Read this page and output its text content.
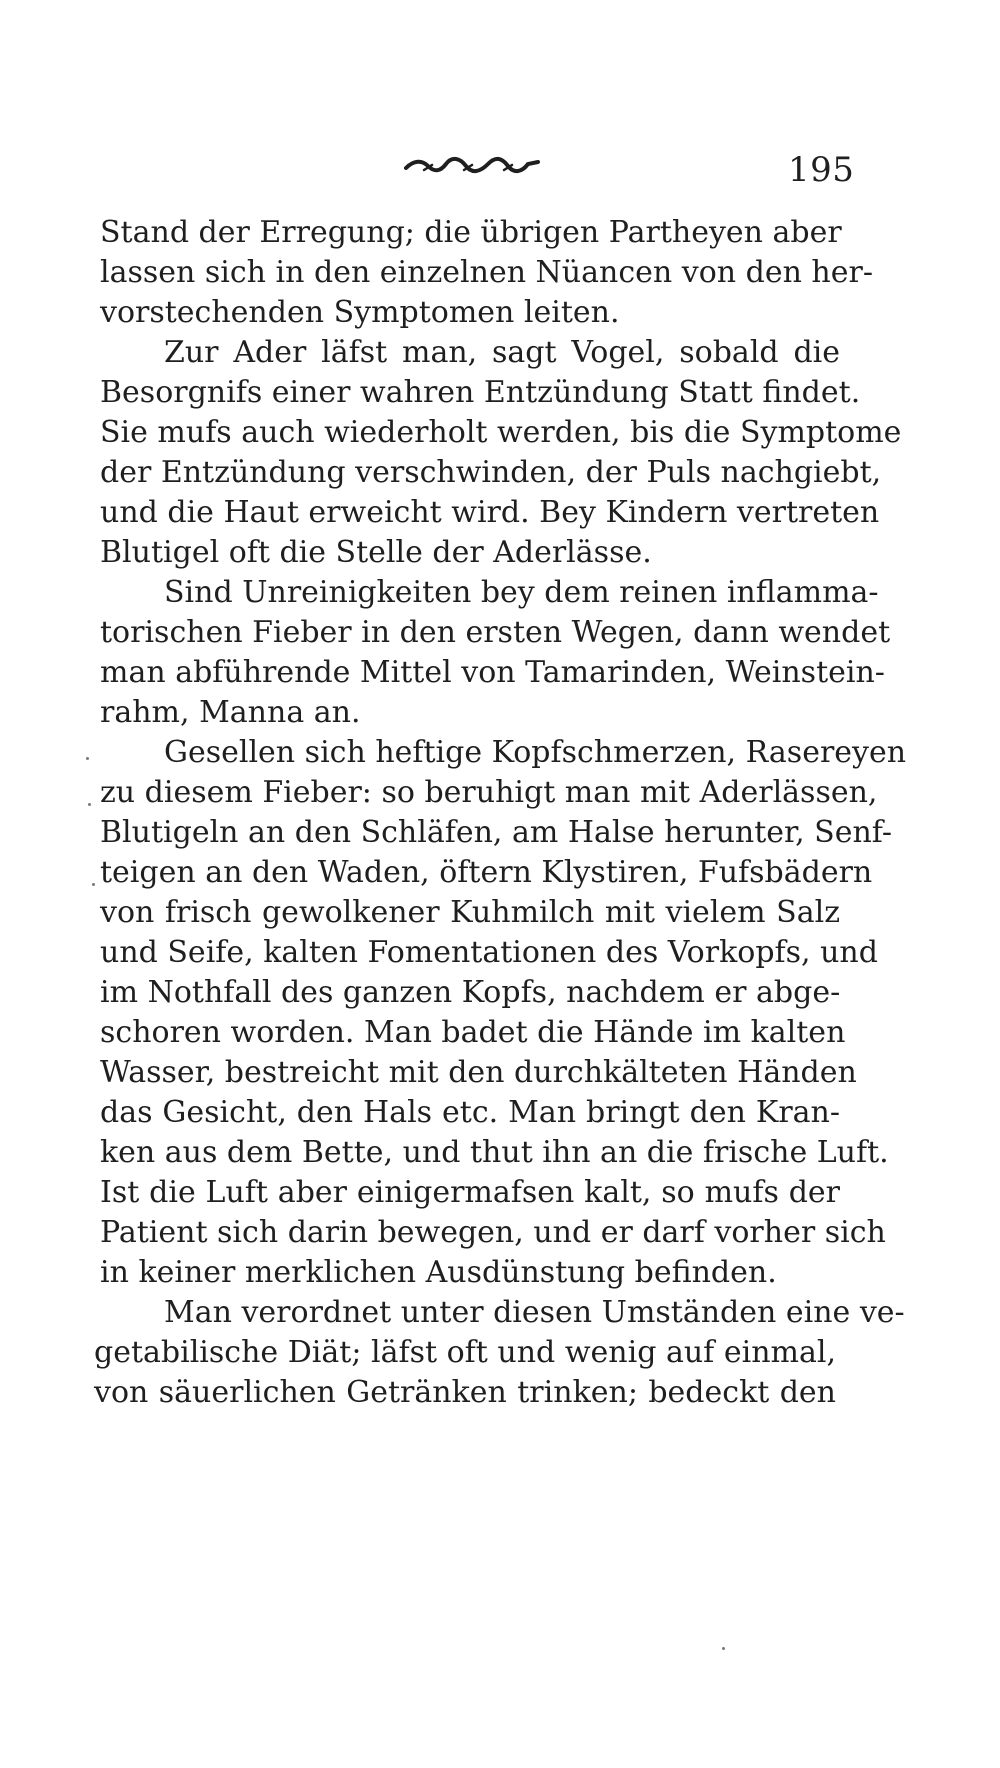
195
Stand der Erregung; die übrigen Partheyen aber
lassen sich in den einzelnen Nüancen von den her-
vorstechenden Symptomen leiten.
Zur Ader läfst man, sagt Vogel, sobald die
Besorgnifs einer wahren Entzündung Statt findet.
Sie mufs auch wiederholt werden, bis die Symptome
der Entzündung verschwinden, der Puls nachgiebt,
und die Haut erweicht wird. Bey Kindern vertreten
Blutigel oft die Stelle der Aderlässe.
Sind Unreinigkeiten bey dem reinen inflamma-
torischen Fieber in den ersten Wegen, dann wendet
man abführende Mittel von Tamarinden, Weinstein-
rahm, Manna an.
Gesellen sich heftige Kopfschmerzen, Rasereyen
zu diesem Fieber: so beruhigt man mit Aderlässen,
Blutigeln an den Schläfen, am Halse herunter, Senf-
teigen an den Waden, öftern Klystiren, Fufsbädern
von frisch gewolkener Kuhmilch mit vielem Salz
und Seife, kalten Fomentationen des Vorkopfs, und
im Nothfall des ganzen Kopfs, nachdem er abge-
schoren worden. Man badet die Hände im kalten
Wasser, bestreicht mit den durchkälteten Händen
das Gesicht, den Hals etc. Man bringt den Kran-
ken aus dem Bette, und thut ihn an die frische Luft.
Ist die Luft aber einigermafsen kalt, so mufs der
Patient sich darin bewegen, und er darf vorher sich
in keiner merklichen Ausdünstung befinden.
Man verordnet unter diesen Umständen eine ve-
getabilische Diät; läfst oft und wenig auf einmal,
von säuerlichen Getränken trinken; bedeckt den
